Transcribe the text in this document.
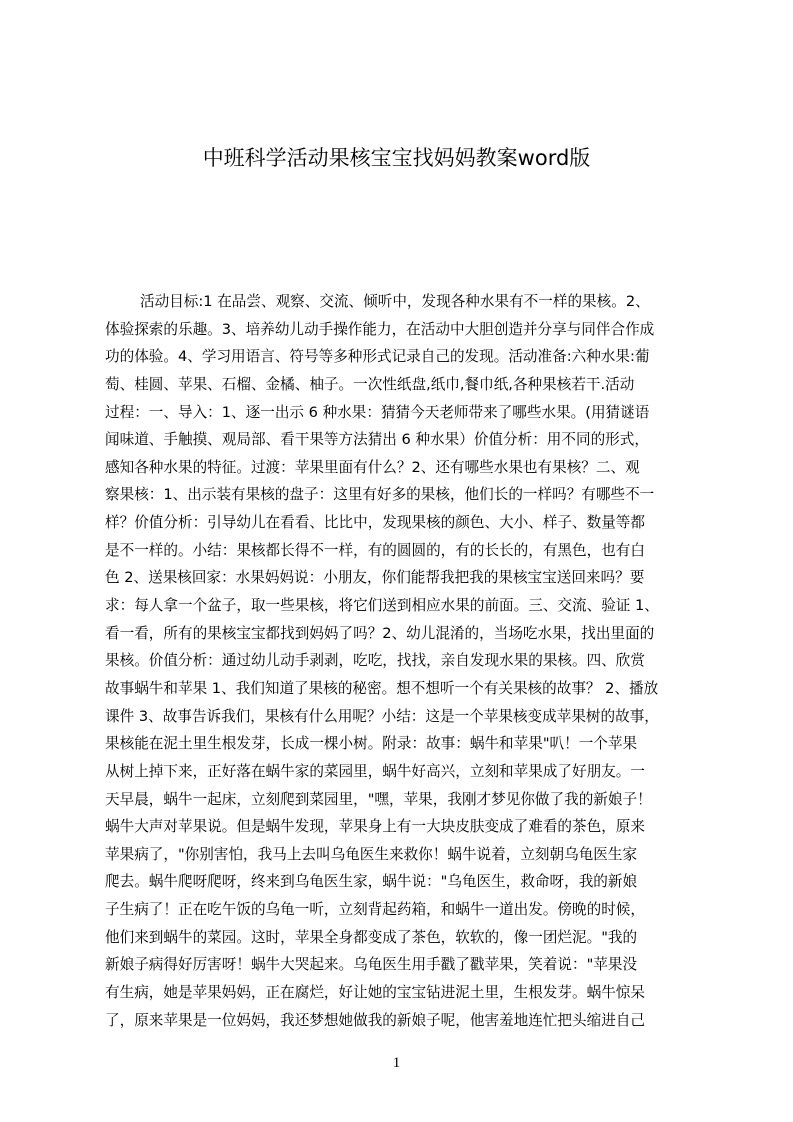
中班科学活动果核宝宝找妈妈教案word版
活动目标:1 在品尝、观察、交流、倾听中，发现各种水果有不一样的果核。2、
体验探索的乐趣。3、培养幼儿动手操作能力，在活动中大胆创造并分享与同伴合作成
功的体验。4、学习用语言、符号等多种形式记录自己的发现。活动准备:六种水果:葡
萄、桂圆、苹果、石榴、金橘、柚子。一次性纸盘,纸巾,餐巾纸,各种果核若干.活动
过程：一、导入：1、逐一出示 6 种水果：猜猜今天老师带来了哪些水果。(用猜谜语
闻味道、手触摸、观局部、看干果等方法猜出 6 种水果）价值分析：用不同的形式，
感知各种水果的特征。过渡：苹果里面有什么？2、还有哪些水果也有果核？二、观
察果核：1、出示装有果核的盘子：这里有好多的果核，他们长的一样吗？有哪些不一
样？价值分析：引导幼儿在看看、比比中，发现果核的颜色、大小、样子、数量等都
是不一样的。小结：果核都长得不一样，有的圆圆的，有的长长的，有黑色，也有白
色 2、送果核回家：水果妈妈说：小朋友，你们能帮我把我的果核宝宝送回来吗？要
求：每人拿一个盆子，取一些果核，将它们送到相应水果的前面。三、交流、验证 1、
看一看，所有的果核宝宝都找到妈妈了吗？2、幼儿混淆的，当场吃水果，找出里面的
果核。价值分析：通过幼儿动手剥剥，吃吃，找找，亲自发现水果的果核。四、欣赏
故事蜗牛和苹果 1、我们知道了果核的秘密。想不想听一个有关果核的故事？ 2、播放
课件 3、故事告诉我们，果核有什么用呢？小结：这是一个苹果核变成苹果树的故事，
果核能在泥土里生根发芽，长成一棵小树。附录：故事：蜗牛和苹果"叭！一个苹果
从树上掉下来，正好落在蜗牛家的菜园里，蜗牛好高兴，立刻和苹果成了好朋友。一
天早晨，蜗牛一起床，立刻爬到菜园里，"嘿，苹果，我刚才梦见你做了我的新娘子！
蜗牛大声对苹果说。但是蜗牛发现，苹果身上有一大块皮肤变成了难看的茶色，原来
苹果病了，"你别害怕，我马上去叫乌龟医生来救你！蜗牛说着，立刻朝乌龟医生家
爬去。蜗牛爬呀爬呀，终来到乌龟医生家，蜗牛说："乌龟医生，救命呀，我的新娘
子生病了！正在吃午饭的乌龟一听，立刻背起药箱，和蜗牛一道出发。傍晚的时候，
他们来到蜗牛的菜园。这时，苹果全身都变成了茶色，软软的，像一团烂泥。"我的
新娘子病得好厉害呀！蜗牛大哭起来。乌龟医生用手戳了戳苹果，笑着说："苹果没
有生病，她是苹果妈妈，正在腐烂，好让她的宝宝钻进泥土里，生根发芽。蜗牛惊呆
了，原来苹果是一位妈妈，我还梦想她做我的新娘子呢，他害羞地连忙把头缩进自己
1
